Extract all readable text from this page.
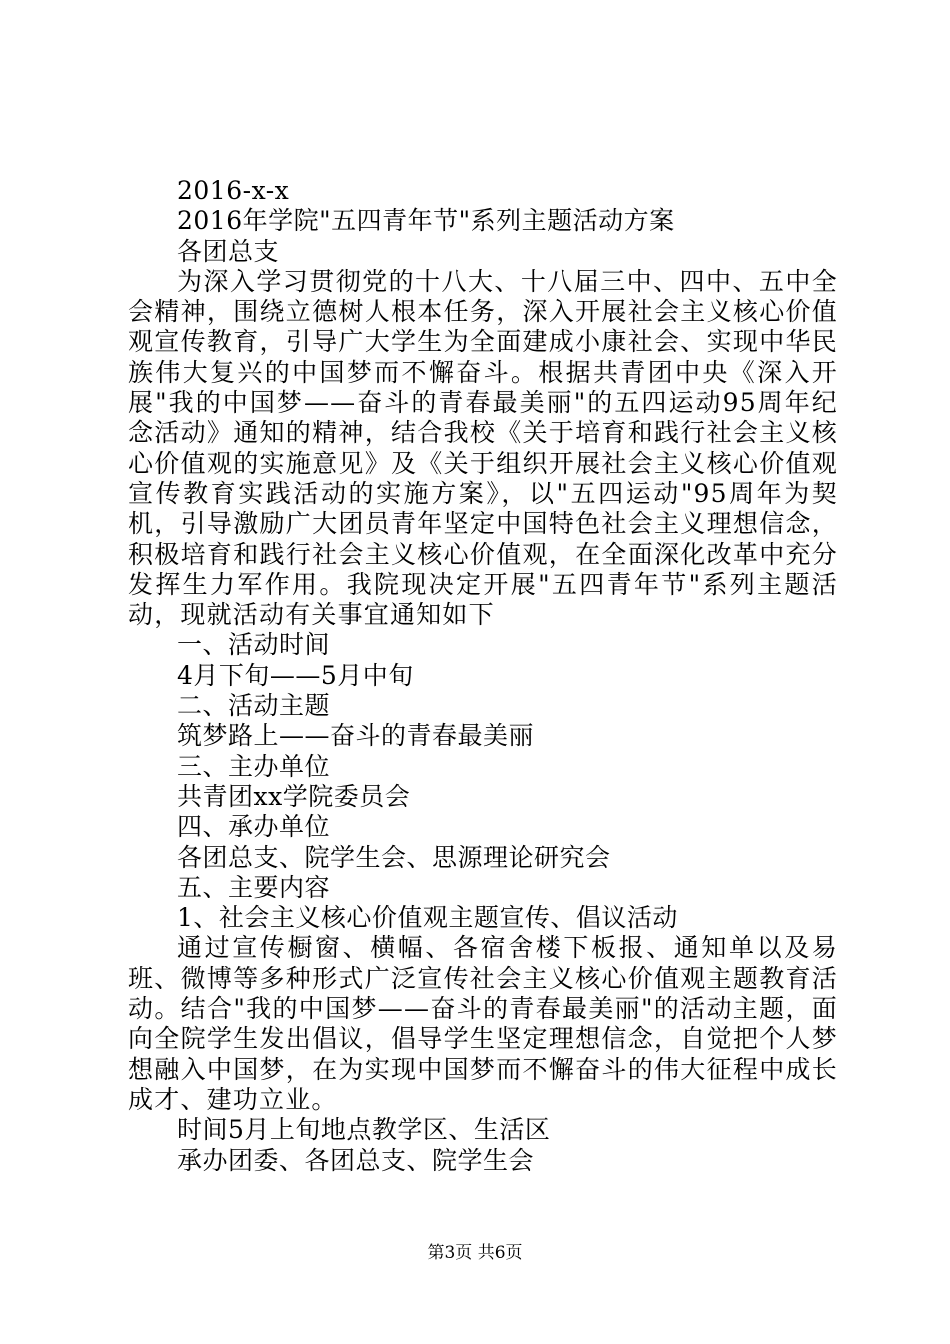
2016-x-x
2016年学院"五四青年节"系列主题活动方案
各团总支

为深入学习贯彻党的十八大、十八届三中、四中、五中全会精神，围绕立德树人根本任务，深入开展社会主义核心价值观宣传教育，引导广大学生为全面建成小康社会、实现中华民族伟大复兴的中国梦而不懈奋斗。根据共青团中央《深入开展"我的中国梦——奋斗的青春最美丽"的五四运动95周年纪念活动》通知的精神，结合我校《关于培育和践行社会主义核心价值观的实施意见》及《关于组织开展社会主义核心价值观宣传教育实践活动的实施方案》，以"五四运动"95周年为契机，引导激励广大团员青年坚定中国特色社会主义理想信念，积极培育和践行社会主义核心价值观，在全面深化改革中充分发挥生力军作用。我院现决定开展"五四青年节"系列主题活动，现就活动有关事宜通知如下

一、活动时间
4月下旬——5月中旬
二、活动主题
筑梦路上——奋斗的青春最美丽
三、主办单位
共青团xx学院委员会
四、承办单位
各团总支、院学生会、思源理论研究会
五、主要内容
1、社会主义核心价值观主题宣传、倡议活动

通过宣传橱窗、横幅、各宿舍楼下板报、通知单以及易班、微博等多种形式广泛宣传社会主义核心价值观主题教育活动。结合"我的中国梦——奋斗的青春最美丽"的活动主题，面向全院学生发出倡议，倡导学生坚定理想信念，自觉把个人梦想融入中国梦，在为实现中国梦而不懈奋斗的伟大征程中成长成才、建功立业。

时间5月上旬地点教学区、生活区
承办团委、各团总支、院学生会
第3页 共6页
